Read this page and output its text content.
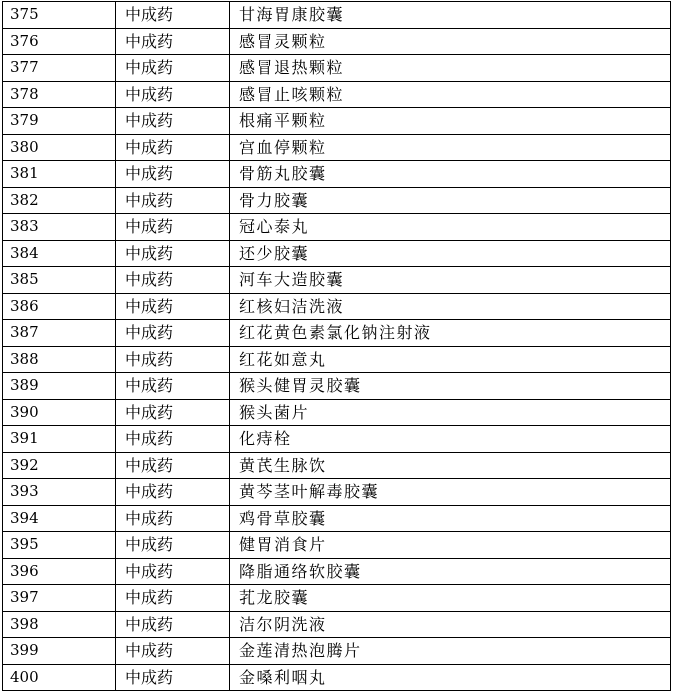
375	中成药	甘海胃康胶囊
376	中成药	感冒灵颗粒
377	中成药	感冒退热颗粒
378	中成药	感冒止咳颗粒
379	中成药	根痛平颗粒
380	中成药	宫血停颗粒
381	中成药	骨筋丸胶囊
382	中成药	骨力胶囊
383	中成药	冠心泰丸
384	中成药	还少胶囊
385	中成药	河车大造胶囊
386	中成药	红核妇洁洗液
387	中成药	红花黄色素氯化钠注射液
388	中成药	红花如意丸
389	中成药	猴头健胃灵胶囊
390	中成药	猴头菌片
391	中成药	化痔栓
392	中成药	黄芪生脉饮
393	中成药	黄芩茎叶解毒胶囊
394	中成药	鸡骨草胶囊
395	中成药	健胃消食片
396	中成药	降脂通络软胶囊
397	中成药	芤龙胶囊
398	中成药	洁尔阴洗液
399	中成药	金莲清热泡腾片
400	中成药	金嗓利咽丸
